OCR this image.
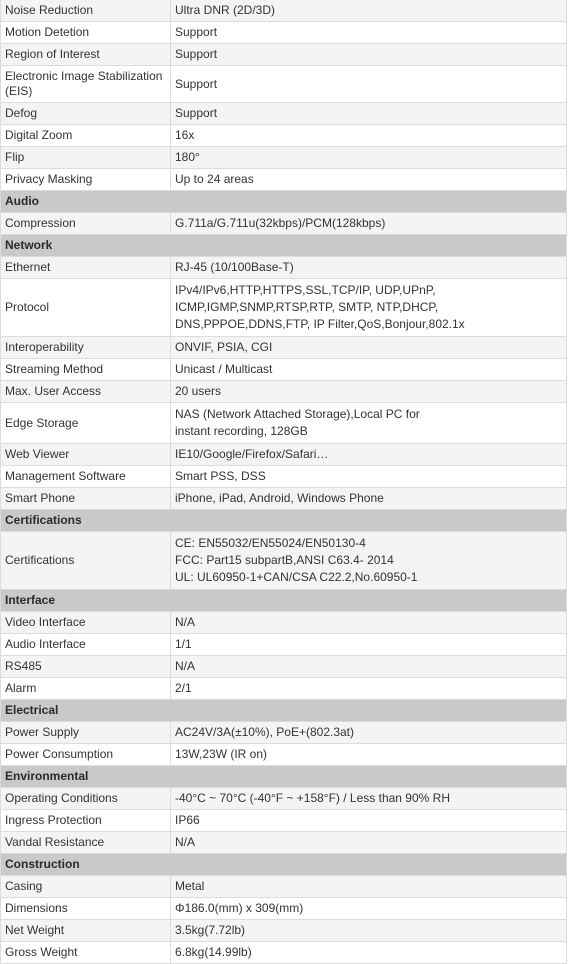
Noise Reduction	Ultra DNR (2D/3D)

Motion Detetion	Support

Region of Interest	Support

Electronic Image Stabilization (EIS)	Support

Defog	Support

Digital Zoom	16x

Flip	180°

Privacy Masking	Up to 24 areas

Audio	
Compression	G.711a/G.711u(32kbps)/PCM(128kbps)

Network	
Ethernet	RJ-45 (10/100Base-T)

Protocol	IPv4/IPv6,HTTP,HTTPS,SSL,TCP/IP, UDP,UPnP,
ICMP,IGMP,SNMP,RTSP,RTP, SMTP, NTP,DHCP,
DNS,PPPOE,DDNS,FTP, IP Filter,QoS,Bonjour,802.1x

Interoperability	ONVIF, PSIA, CGI

Streaming Method	Unicast / Multicast

Max. User Access	20 users

Edge Storage	NAS (Network Attached Storage),Local PC for
instant recording, 128GB

Web Viewer	IE10/Google/Firefox/Safari…

Management Software	Smart PSS, DSS

Smart Phone	iPhone, iPad, Android, Windows Phone

Certifications	
Certifications	CE: EN55032/EN55024/EN50130-4
FCC: Part15 subpartB,ANSI C63.4- 2014
UL: UL60950-1+CAN/CSA C22.2,No.60950-1

Interface	
Video Interface	N/A

Audio Interface	1/1

RS485	N/A

Alarm	2/1

Electrical	
Power Supply	AC24V/3A(±10%), PoE+(802.3at)

Power Consumption	13W,23W (IR on)

Environmental	
Operating Conditions	-40°C ~ 70°C (-40°F ~ +158°F) / Less than 90% RH

Ingress Protection	IP66

Vandal Resistance	N/A

Construction	
Casing	Metal

Dimensions	Φ186.0(mm) x 309(mm)

Net Weight	3.5kg(7.72lb)

Gross Weight	6.8kg(14.99lb)
